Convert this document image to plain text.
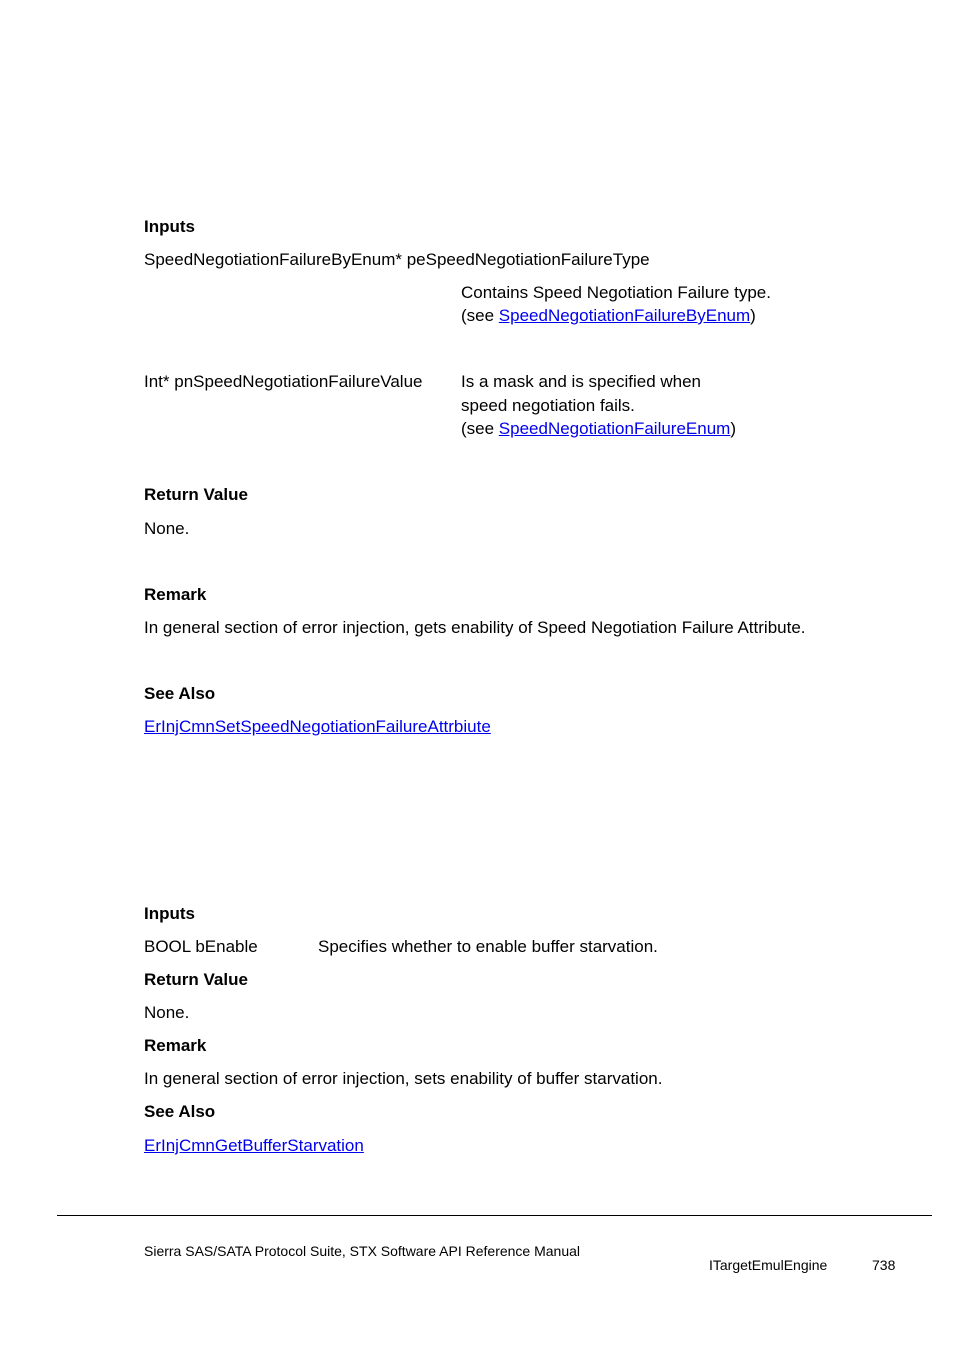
Inputs
SpeedNegotiationFailureByEnum* peSpeedNegotiationFailureType
Contains Speed Negotiation Failure type.
(see SpeedNegotiationFailureByEnum)
Int* pnSpeedNegotiationFailureValue Is a mask and is specified when
speed negotiation fails.
(see SpeedNegotiationFailureEnum)
Return Value
None.
Remark
In general section of error injection, gets enability of Speed Negotiation Failure Attribute.
See Also
ErInjCmnSetSpeedNegotiationFailureAttrbiute
Inputs
BOOL bEnable	Specifies whether to enable buffer starvation.
Return Value
None.
Remark
In general section of error injection, sets enability of buffer starvation.
See Also
ErInjCmnGetBufferStarvation
Sierra SAS/SATA Protocol Suite, STX Software API Reference Manual
ITargetEmulEngine	738
